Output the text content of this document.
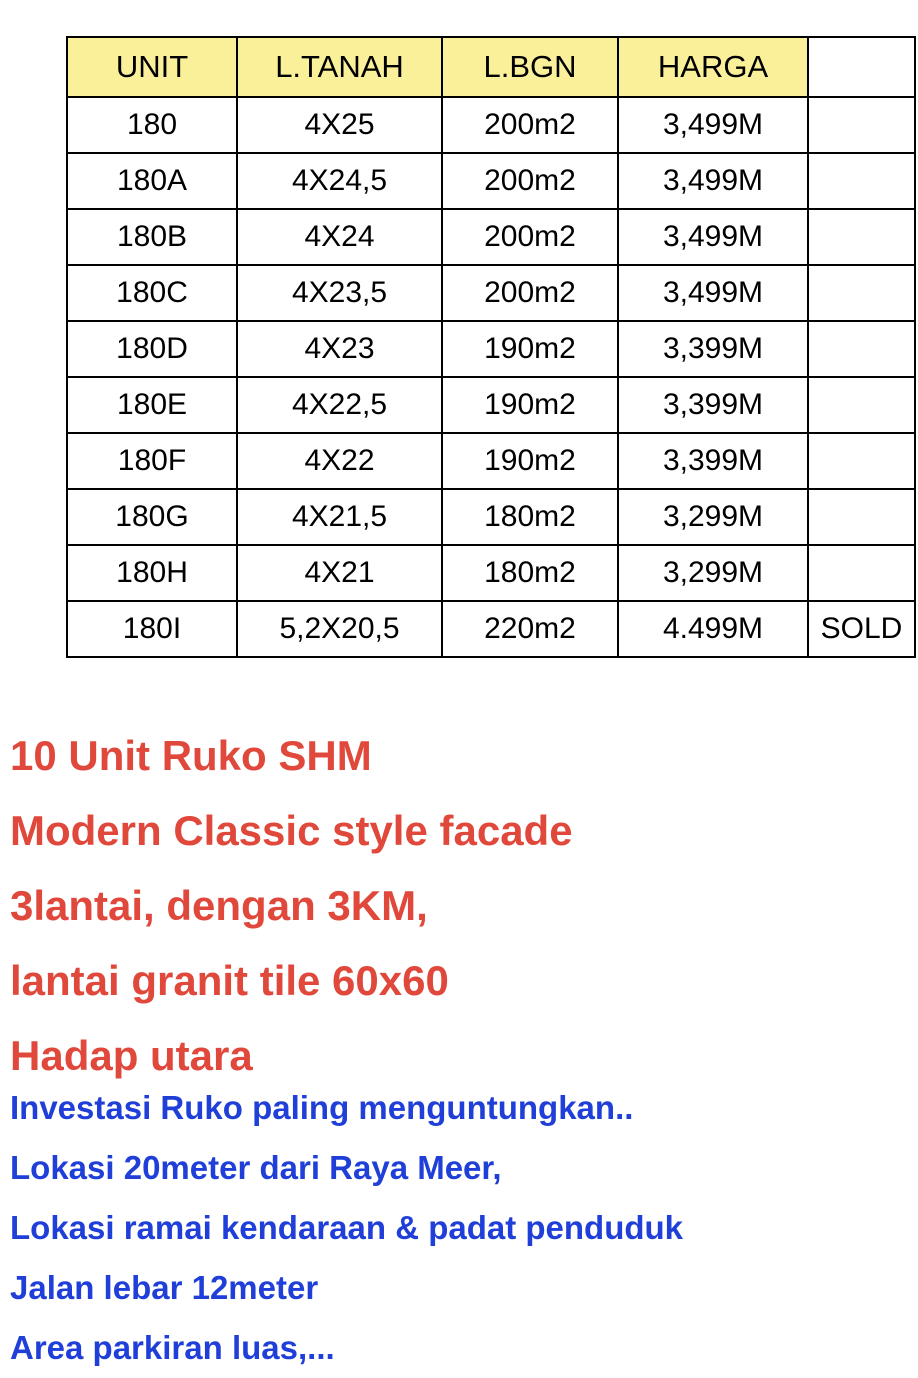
UNIT	L.TANAH	L.BGN	HARGA	
180	4X25	200m2	3,499M	
180A	4X24,5	200m2	3,499M	
180B	4X24	200m2	3,499M	
180C	4X23,5	200m2	3,499M	
180D	4X23	190m2	3,399M	
180E	4X22,5	190m2	3,399M	
180F	4X22	190m2	3,399M	
180G	4X21,5	180m2	3,299M	
180H	4X21	180m2	3,299M	
180I	5,2X20,5	220m2	4.499M	SOLD
10 Unit Ruko SHM
Modern Classic style facade
3lantai, dengan 3KM,
lantai granit tile 60x60
Hadap utara
Investasi Ruko paling menguntungkan..
Lokasi 20meter dari Raya Meer,
Lokasi ramai kendaraan & padat penduduk
Jalan lebar 12meter
Area parkiran luas,...
